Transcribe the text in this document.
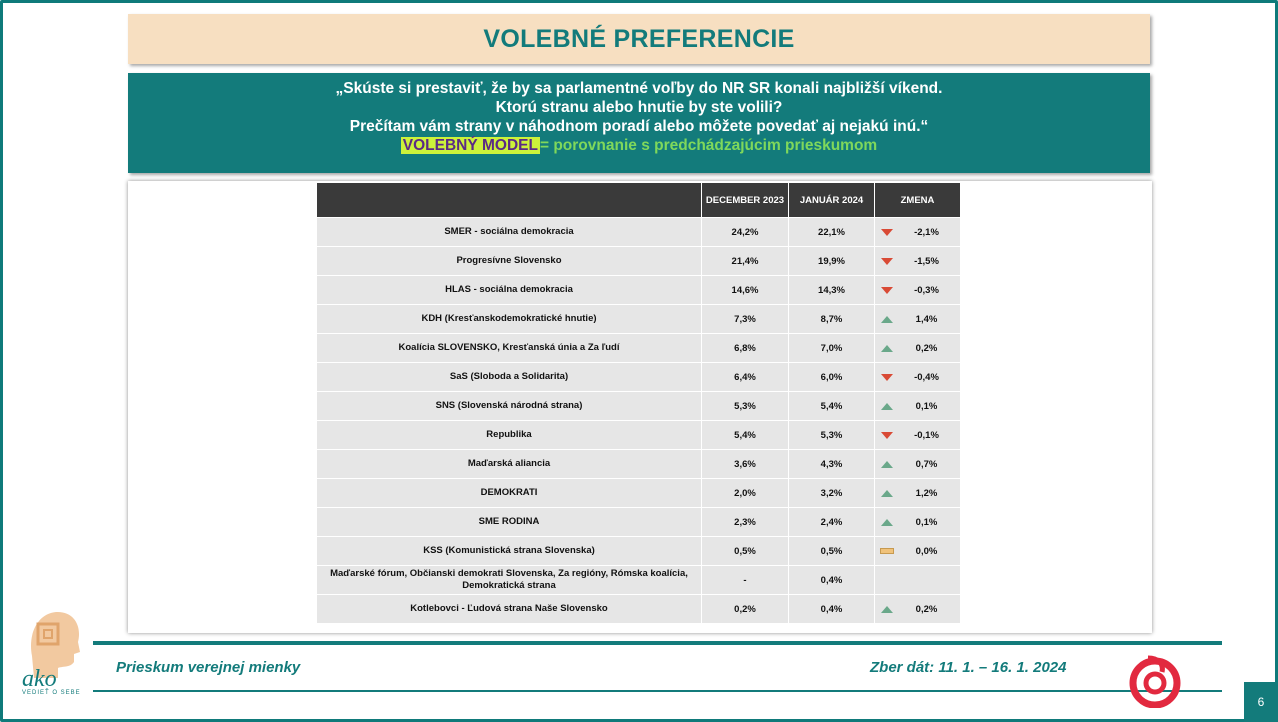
VOLEBNÉ PREFERENCIE
„Skúste si prestaviť, že by sa parlamentné voľby do NR SR konali najbližší víkend.
Ktorú stranu alebo hnutie by ste volili?
Prečítam vám strany v náhodnom poradí alebo môžete povedať aj nejakú inú.“
VOLEBNÝ MODEL = porovnanie s predchádzajúcim prieskumom
	DECEMBER 2023	JANUÁR 2024	ZMENA
SMER - sociálna demokracia	24,2%	22,1%	-2,1%

Progresívne Slovensko	21,4%	19,9%	-1,5%

HLAS - sociálna demokracia	14,6%	14,3%	-0,3%

KDH (Kresťanskodemokratické hnutie)	7,3%	8,7%	1,4%

Koalícia SLOVENSKO, Kresťanská únia a Za ľudí	6,8%	7,0%	0,2%

SaS (Sloboda a Solidarita)	6,4%	6,0%	-0,4%

SNS (Slovenská národná strana)	5,3%	5,4%	0,1%

Republika	5,4%	5,3%	-0,1%

Maďarská aliancia	3,6%	4,3%	0,7%

DEMOKRATI	2,0%	3,2%	1,2%

SME RODINA	2,3%	2,4%	0,1%

KSS (Komunistická strana Slovenska)	0,5%	0,5%	0,0%

Maďarské fórum, Občianski demokrati Slovenska, Za regióny, Rómska koalícia, Demokratická strana	-	0,4%	

Kotlebovci - Ľudová strana Naše Slovensko	0,2%	0,4%	0,2%
ako
VEDIEŤ O SEBE
Prieskum verejnej mienky	Zber dát: 11. 1. – 16. 1. 2024
6
